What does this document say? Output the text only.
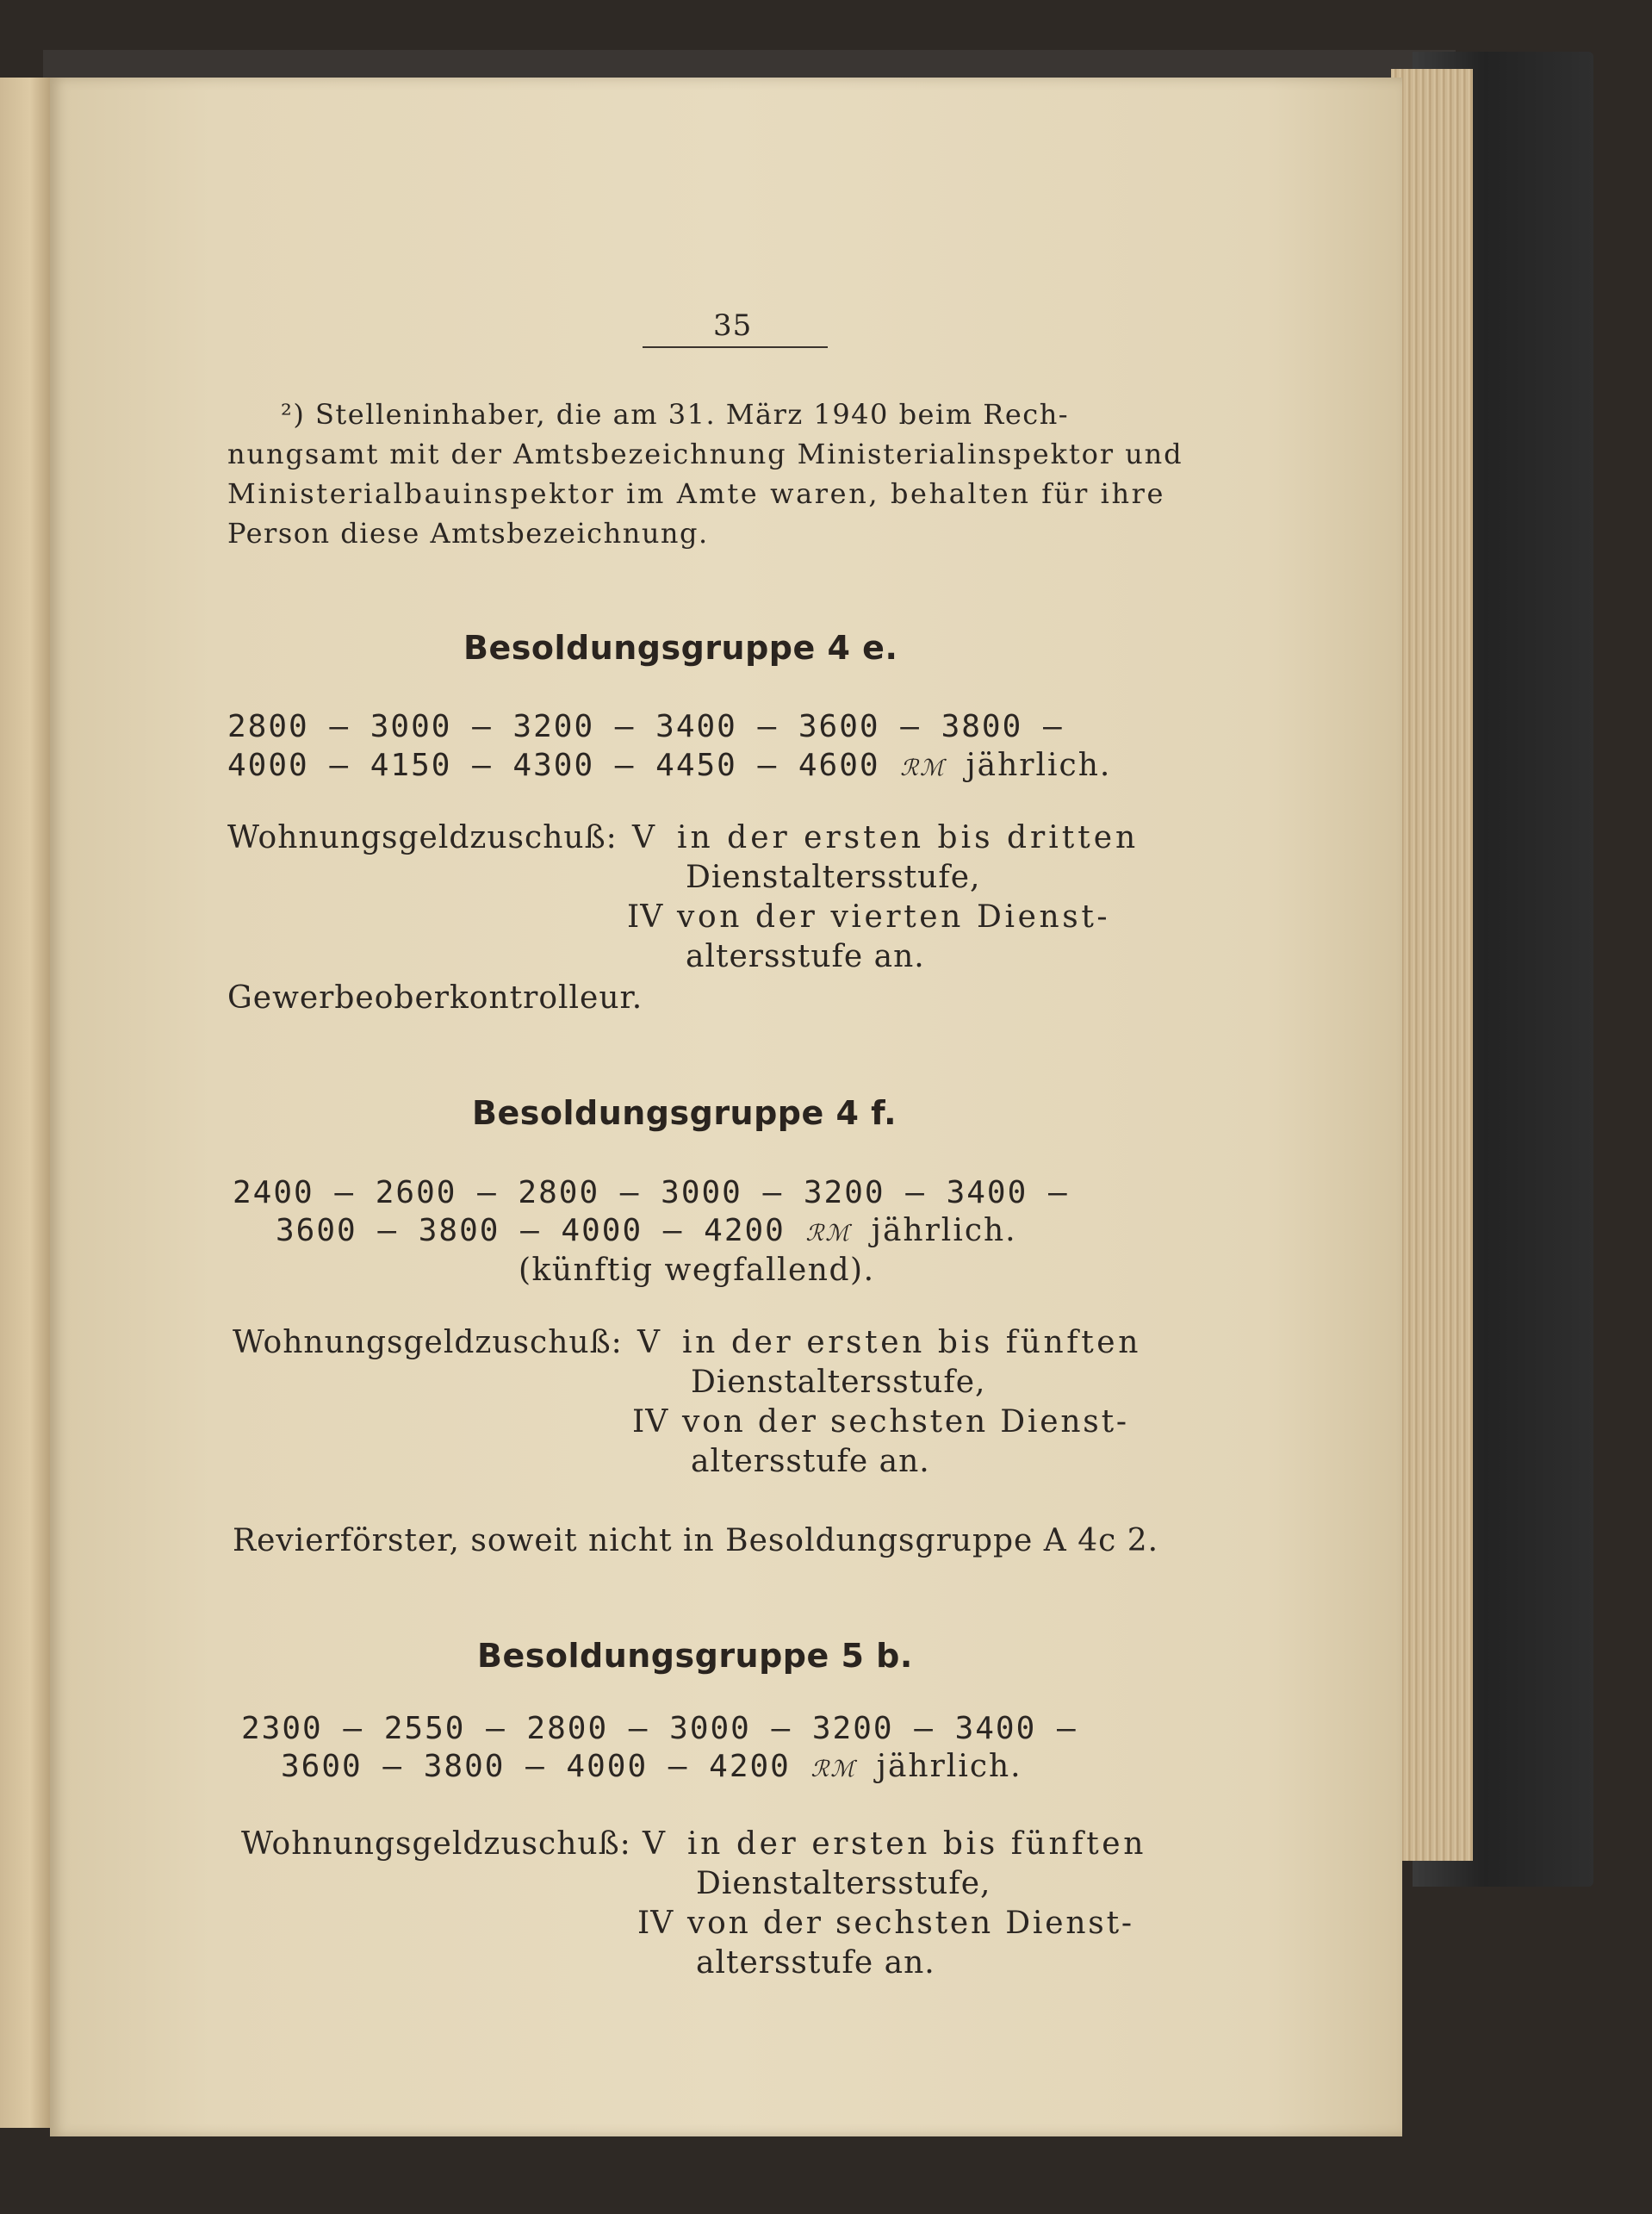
35
²) Stelleninhaber, die am 31. März 1940 beim Rech-
nungsamt mit der Amtsbezeichnung Ministerialinspektor und
Ministerialbauinspektor im Amte waren, behalten für ihre
Person diese Amtsbezeichnung.
Besoldungsgruppe 4 e.
2800 — 3000 — 3200 — 3400 — 3600 — 3800 —
4000 — 4150 — 4300 — 4450 — 4600 ℛℳ jährlich.
Wohnungsgeldzuschuß: V in der ersten bis dritten
Dienstaltersstufe,
IV von der vierten Dienst-
altersstufe an.
Gewerbeoberkontrolleur.
Besoldungsgruppe 4 f.
2400 — 2600 — 2800 — 3000 — 3200 — 3400 —
3600 — 3800 — 4000 — 4200 ℛℳ jährlich.
(künftig wegfallend).
Wohnungsgeldzuschuß: V in der ersten bis fünften
Dienstaltersstufe,
IV von der sechsten Dienst-
altersstufe an.
Revierförster, soweit nicht in Besoldungsgruppe A 4c 2.
Besoldungsgruppe 5 b.
2300 — 2550 — 2800 — 3000 — 3200 — 3400 —
3600 — 3800 — 4000 — 4200 ℛℳ jährlich.
Wohnungsgeldzuschuß: V in der ersten bis fünften
Dienstaltersstufe,
IV von der sechsten Dienst-
altersstufe an.
